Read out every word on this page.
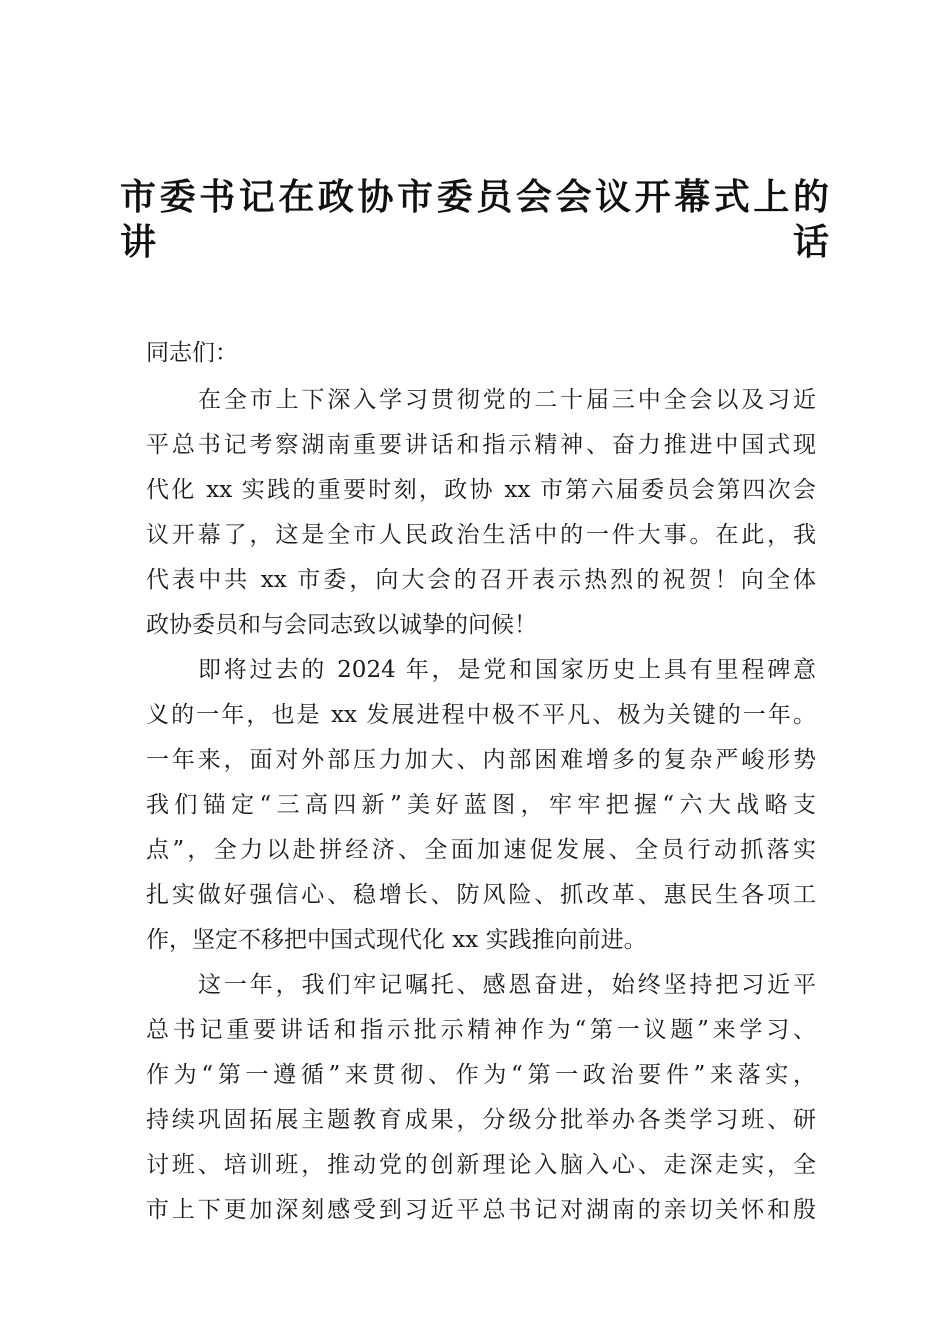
市委书记在政协市委员会会议开幕式上的
讲话
同志们：
在全市上下深入学习贯彻党的二十届三中全会以及习近
平总书记考察湖南重要讲话和指示精神、奋力推进中国式现
代化 xx 实践的重要时刻，政协 xx 市第六届委员会第四次会
议开幕了，这是全市人民政治生活中的一件大事。在此，我
代表中共 xx 市委，向大会的召开表示热烈的祝贺！向全体
政协委员和与会同志致以诚挚的问候！
即将过去的 2024 年，是党和国家历史上具有里程碑意
义的一年，也是 xx 发展进程中极不平凡、极为关键的一年。
一年来，面对外部压力加大、内部困难增多的复杂严峻形势
我们锚定“三高四新”美好蓝图，牢牢把握“六大战略支
点”，全力以赴拼经济、全面加速促发展、全员行动抓落实
扎实做好强信心、稳增长、防风险、抓改革、惠民生各项工
作，坚定不移把中国式现代化 xx 实践推向前进。
这一年，我们牢记嘱托、感恩奋进，始终坚持把习近平
总书记重要讲话和指示批示精神作为“第一议题”来学习、
作为“第一遵循”来贯彻、作为“第一政治要件”来落实，
持续巩固拓展主题教育成果，分级分批举办各类学习班、研
讨班、培训班，推动党的创新理论入脑入心、走深走实，全
市上下更加深刻感受到习近平总书记对湖南的亲切关怀和殷
